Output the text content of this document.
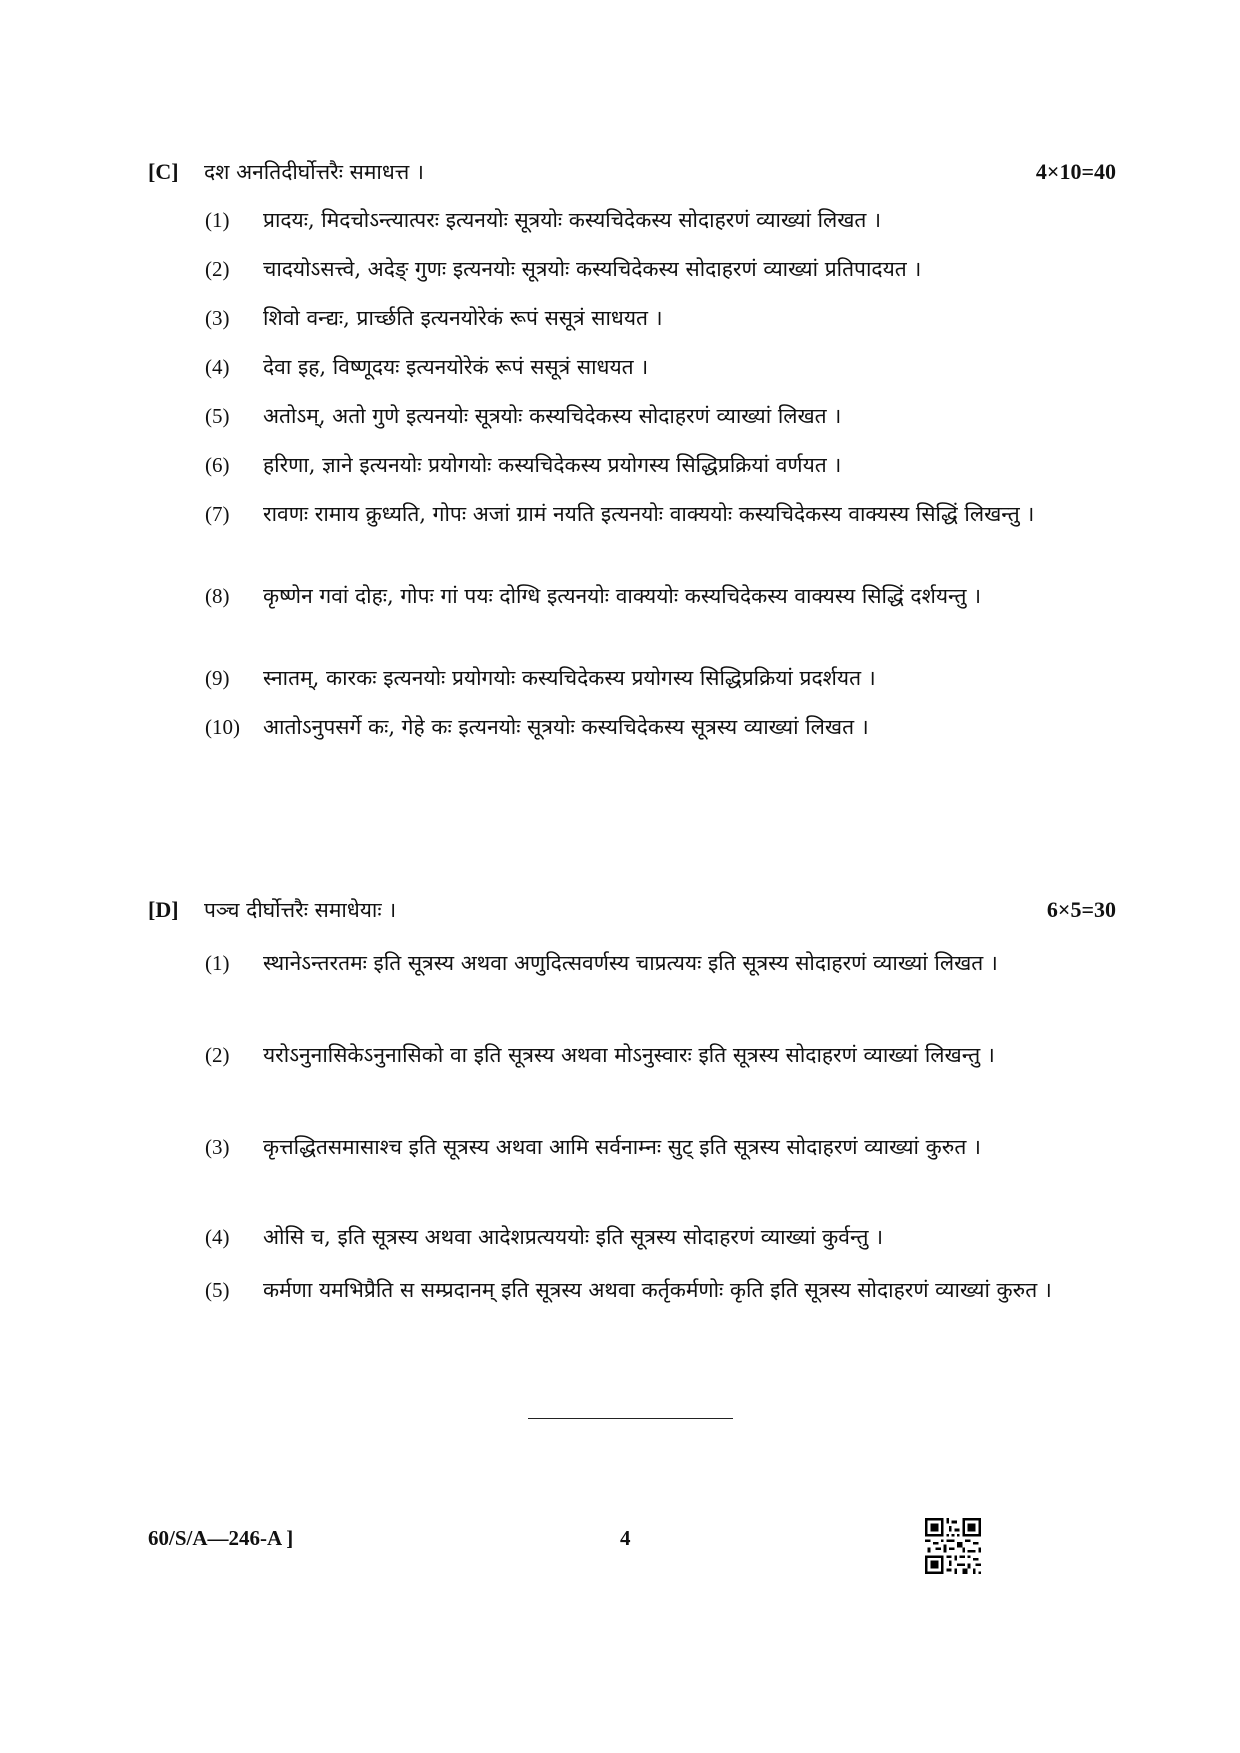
[C]	दश अनतिदीर्घोत्तरैः समाधत्त ।	4×10=40
(1)	प्रादयः, मिदचोऽन्त्यात्परः इत्यनयोः सूत्रयोः कस्यचिदेकस्य सोदाहरणं व्याख्यां लिखत ।
(2)	चादयोऽसत्त्वे, अदेङ् गुणः इत्यनयोः सूत्रयोः कस्यचिदेकस्य सोदाहरणं व्याख्यां प्रतिपादयत ।
(3)	शिवो वन्द्यः, प्रार्च्छति इत्यनयोरेकं रूपं ससूत्रं साधयत ।
(4)	देवा इह, विष्णूदयः इत्यनयोरेकं रूपं ससूत्रं साधयत ।
(5)	अतोऽम्, अतो गुणे इत्यनयोः सूत्रयोः कस्यचिदेकस्य सोदाहरणं व्याख्यां लिखत ।
(6)	हरिणा, ज्ञाने इत्यनयोः प्रयोगयोः कस्यचिदेकस्य प्रयोगस्य सिद्धिप्रक्रियां वर्णयत ।
(7)	रावणः रामाय क्रुध्यति, गोपः अजां ग्रामं नयति इत्यनयोः वाक्ययोः कस्यचिदेकस्य वाक्यस्य सिद्धिं लिखन्तु ।
(8)	कृष्णेन गवां दोहः, गोपः गां पयः दोग्धि इत्यनयोः वाक्ययोः कस्यचिदेकस्य वाक्यस्य सिद्धिं दर्शयन्तु ।
(9)	स्नातम्, कारकः इत्यनयोः प्रयोगयोः कस्यचिदेकस्य प्रयोगस्य सिद्धिप्रक्रियां प्रदर्शयत ।
(10)	आतोऽनुपसर्गे कः, गेहे कः इत्यनयोः सूत्रयोः कस्यचिदेकस्य सूत्रस्य व्याख्यां लिखत ।
[D]	पञ्च दीर्घोत्तरैः समाधेयाः ।	6×5=30
(1)	स्थानेऽन्तरतमः इति सूत्रस्य अथवा अणुदित्सवर्णस्य चाप्रत्ययः इति सूत्रस्य सोदाहरणं व्याख्यां लिखत ।
(2)	यरोऽनुनासिकेऽनुनासिको वा इति सूत्रस्य अथवा मोऽनुस्वारः इति सूत्रस्य सोदाहरणं व्याख्यां लिखन्तु ।
(3)	कृत्तद्धितसमासाश्च इति सूत्रस्य अथवा आमि सर्वनाम्नः सुट् इति सूत्रस्य सोदाहरणं व्याख्यां कुरुत ।
(4)	ओसि च, इति सूत्रस्य अथवा आदेशप्रत्यययोः इति सूत्रस्य सोदाहरणं व्याख्यां कुर्वन्तु ।
(5)	कर्मणा यमभिप्रैति स सम्प्रदानम् इति सूत्रस्य अथवा कर्तृकर्मणोः कृति इति सूत्रस्य सोदाहरणं व्याख्यां कुरुत ।
60/S/A—246-A ]	4
